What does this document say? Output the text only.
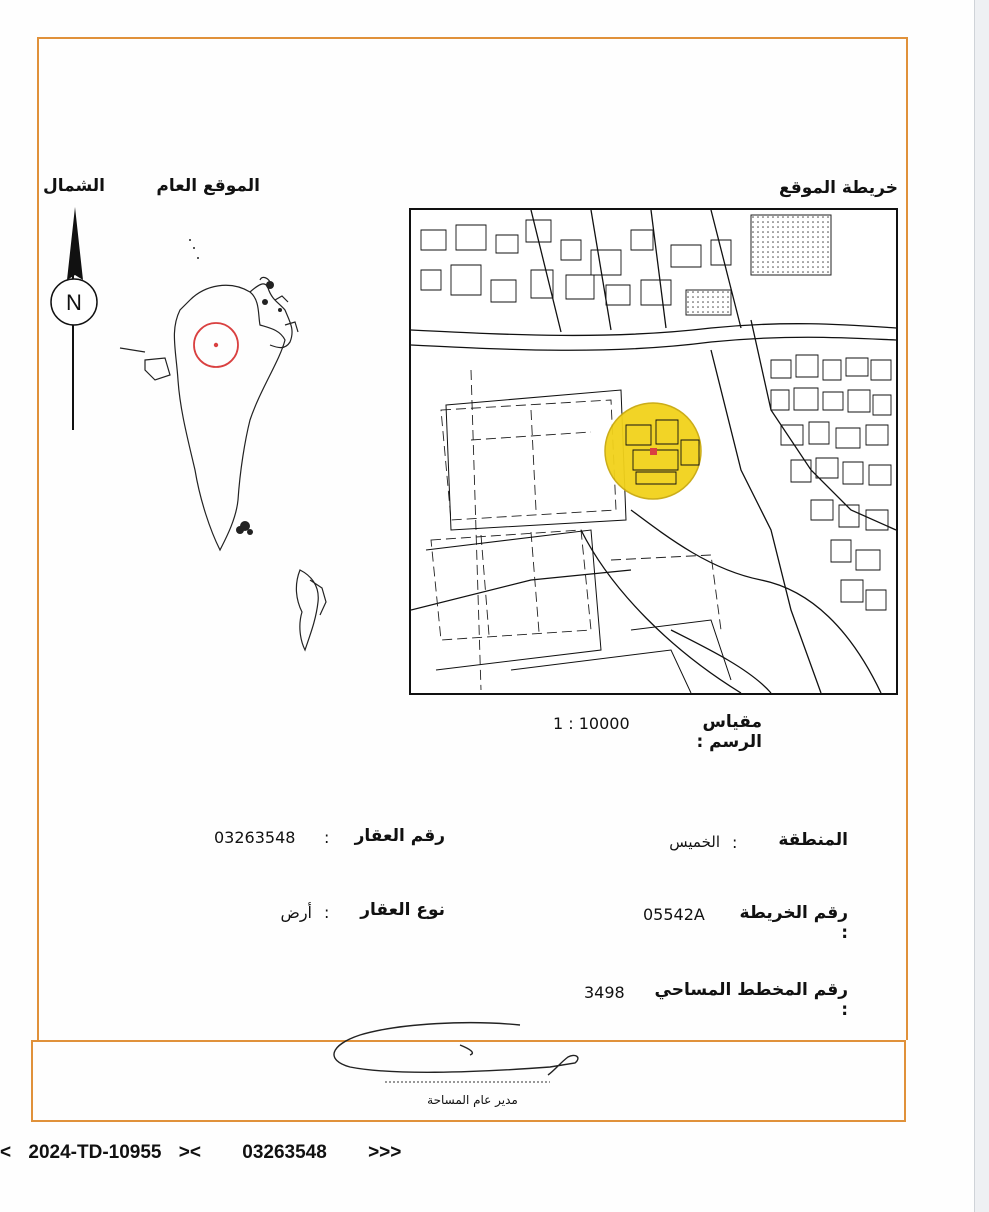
خريطة الموقع
الموقع العام
الشمال
N
مقياس الرسم :
1 : 10000
رقم العقار
:
03263548
نوع العقار
:
أرض
المنطقة
:
الخميس
رقم الخريطة :
05542A
رقم المخطط المساحي :
3498
مدير عام المساحة
< 2024-TD-10955 >< 03263548 >>>
